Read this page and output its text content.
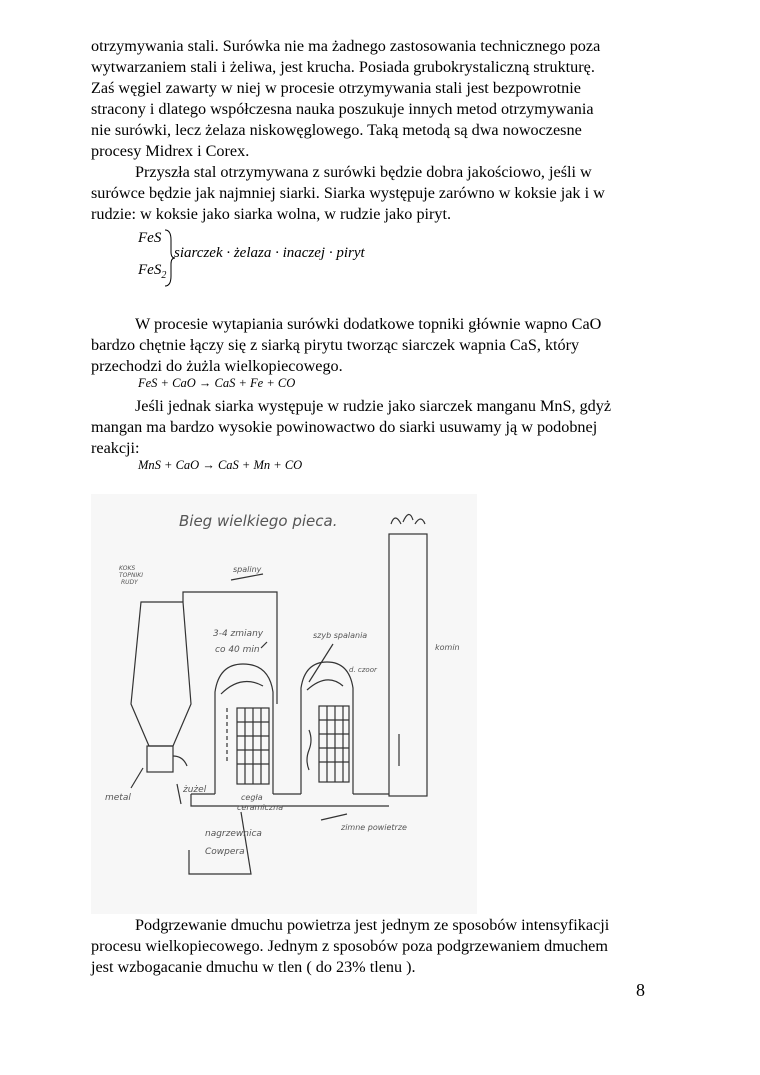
otrzymywania stali. Surówka nie ma żadnego zastosowania technicznego poza
wytwarzaniem stali i żeliwa, jest krucha. Posiada grubokrystaliczną strukturę.
Zaś węgiel zawarty w niej w procesie otrzymywania stali jest bezpowrotnie
stracony i dlatego współczesna nauka poszukuje innych metod otrzymywania
nie surówki, lecz żelaza niskowęglowego. Taką metodą są dwa nowoczesne
procesy Midrex i Corex.

Przyszła stal otrzymywana z surówki będzie dobra jakościowo, jeśli w
surówce będzie jak najmniej siarki. Siarka występuje zarówno w koksie jak i w
rudzie: w koksie jako siarka wolna, w rudzie jako piryt.

FeS
FeS$_2$
siarczek · żelaza · inaczej · piryt

W procesie wytapiania surówki dodatkowe topniki głównie wapno CaO
bardzo chętnie łączy się z siarką pirytu tworząc siarczek wapnia CaS, który
przechodzi do żużla wielkopiecowego.

FeS + CaO → CaS + Fe + CO

Jeśli jednak siarka występuje w rudzie jako siarczek manganu MnS, gdyż
mangan ma bardzo wysokie powinowactwo do siarki usuwamy ją w podobnej
reakcji:

MnS + CaO → CaS + Mn + CO
Bieg wielkiego pieca.
KOKS
TOPNIKI
RUDY
spaliny
3-4 zmiany
co 40 min
szyb spalania
d. czoor
komin
metal
żużel
cegła
ceramiczna
zimne powietrze
nagrzewnica
Cowpera

Podgrzewanie dmuchu powietrza jest jednym ze sposobów intensyfikacji
procesu wielkopiecowego. Jednym z sposobów poza podgrzewaniem dmuchem
jest wzbogacanie dmuchu w tlen ( do 23% tlenu ).

8
